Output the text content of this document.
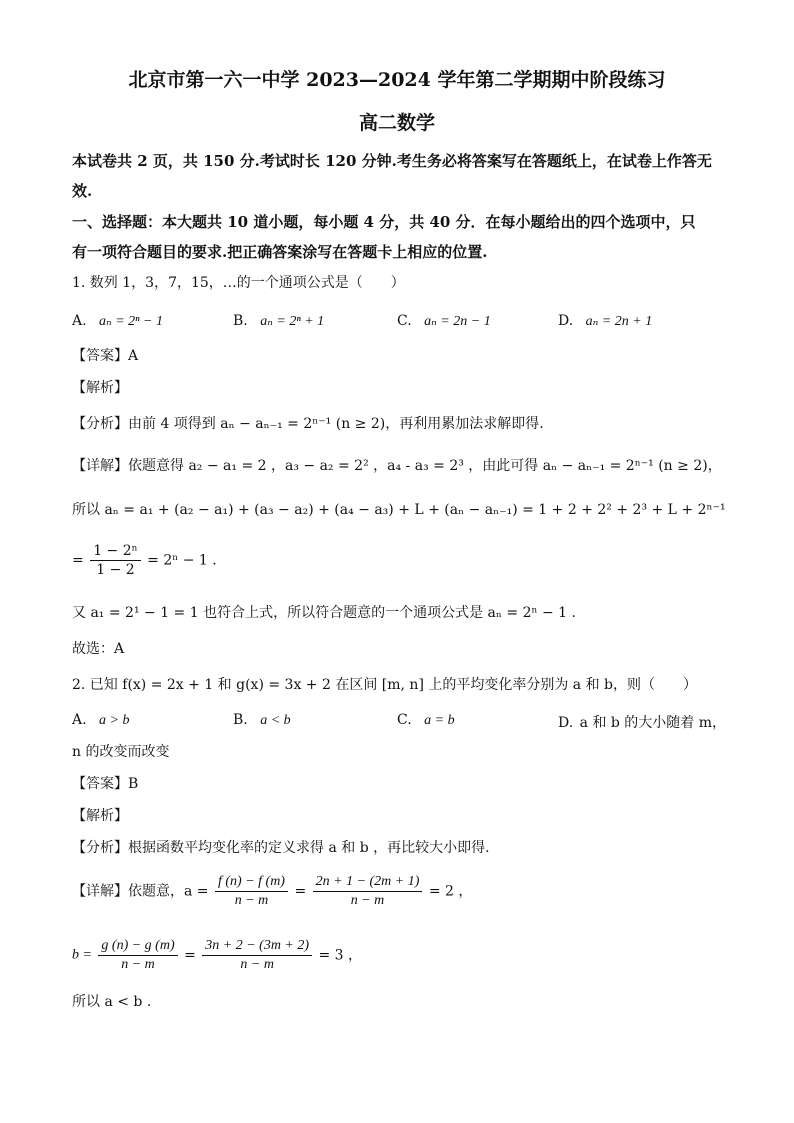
北京市第一六一中学 2023—2024 学年第二学期期中阶段练习
高二数学
本试卷共 2 页，共 150 分.考试时长 120 分钟.考生务必将答案写在答题纸上，在试卷上作答无
效.
一、选择题：本大题共 10 道小题，每小题 4 分，共 40 分．在每小题给出的四个选项中，只
有一项符合题目的要求.把正确答案涂写在答题卡上相应的位置.
1. 数列 1，3，7，15，…的一个通项公式是（　　）
A. aₙ = 2ⁿ − 1	B. aₙ = 2ⁿ + 1	C. aₙ = 2n − 1	D. aₙ = 2n + 1
【答案】A
【解析】
【分析】由前 4 项得到 aₙ − aₙ₋₁ = 2ⁿ⁻¹ (n ≥ 2)，再利用累加法求解即得.
【详解】依题意得 a₂ − a₁ = 2 ，a₃ − a₂ = 2² ，a₄ - a₃ = 2³ ，由此可得 aₙ − aₙ₋₁ = 2ⁿ⁻¹ (n ≥ 2)，
所以 aₙ = a₁ + (a₂ − a₁) + (a₃ − a₂) + (a₄ − a₃) + L + (aₙ − aₙ₋₁) = 1 + 2 + 2² + 2³ + L + 2ⁿ⁻¹
= $\frac{\text{1 − 2ⁿ}}{1 - 2} = 2^n - 1$ .
又 a₁ = 2¹ − 1 = 1 也符合上式，所以符合题意的一个通项公式是 aₙ = 2ⁿ − 1 .
故选：A
2. 已知 f(x) = 2x + 1 和 g(x) = 3x + 2 在区间 [m, n] 上的平均变化率分别为 a 和 b，则（　　）
A. a > b	B. a < b	C. a = b	D. a 和 b 的大小随着 m，
n 的改变而改变
【答案】B
【解析】
【分析】根据函数平均变化率的定义求得 a 和 b ，再比较大小即得.
【详解】依题意，$a = \frac{f (n) - f (m)}{n - m} = \frac{2n + 1 - (2m + 1)}{n - m} = 2$ ，
$b = \frac{g (n) - g (m)}{n - m} = \frac{3n + 2 - (3m + 2)}{n - m} = 3$ ，
所以 a < b .
